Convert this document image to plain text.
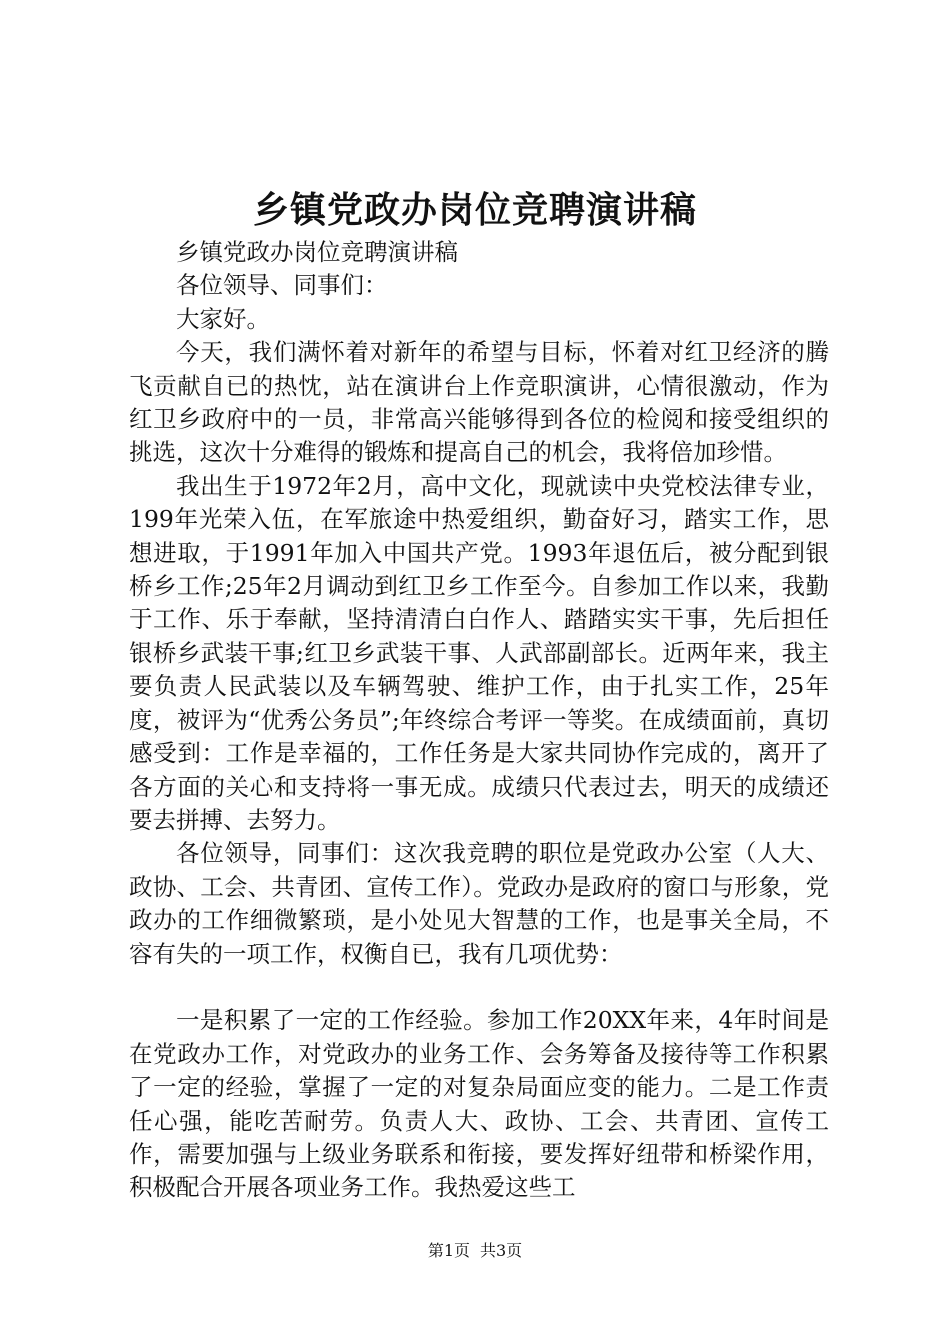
乡镇党政办岗位竞聘演讲稿

乡镇党政办岗位竞聘演讲稿

各位领导、同事们：

大家好。

今天，我们满怀着对新年的希望与目标，怀着对红卫经济的腾飞贡献自已的热忱，站在演讲台上作竞职演讲，心情很激动，作为红卫乡政府中的一员，非常高兴能够得到各位的检阅和接受组织的挑选，这次十分难得的锻炼和提高自己的机会，我将倍加珍惜。

我出生于1972年2月，高中文化，现就读中央党校法律专业，199年光荣入伍，在军旅途中热爱组织，勤奋好习，踏实工作，思想进取，于1991年加入中国共产党。1993年退伍后，被分配到银桥乡工作;25年2月调动到红卫乡工作至今。自参加工作以来，我勤于工作、乐于奉献，坚持清清白白作人、踏踏实实干事，先后担任银桥乡武装干事;红卫乡武装干事、人武部副部长。近两年来，我主要负责人民武装以及车辆驾驶、维护工作，由于扎实工作，25年度，被评为“优秀公务员”;年终综合考评一等奖。在成绩面前，真切感受到：工作是幸福的，工作任务是大家共同协作完成的，离开了各方面的关心和支持将一事无成。成绩只代表过去，明天的成绩还要去拼搏、去努力。

各位领导，同事们：这次我竞聘的职位是党政办公室（人大、政协、工会、共青团、宣传工作）。党政办是政府的窗口与形象，党政办的工作细微繁琐，是小处见大智慧的工作，也是事关全局，不容有失的一项工作，权衡自已，我有几项优势：

一是积累了一定的工作经验。参加工作20XX年来，4年时间是在党政办工作，对党政办的业务工作、会务筹备及接待等工作积累了一定的经验，掌握了一定的对复杂局面应变的能力。二是工作责任心强，能吃苦耐劳。负责人大、政协、工会、共青团、宣传工作，需要加强与上级业务联系和衔接，要发挥好纽带和桥梁作用，积极配合开展各项业务工作。我热爱这些工

第1页 共3页
